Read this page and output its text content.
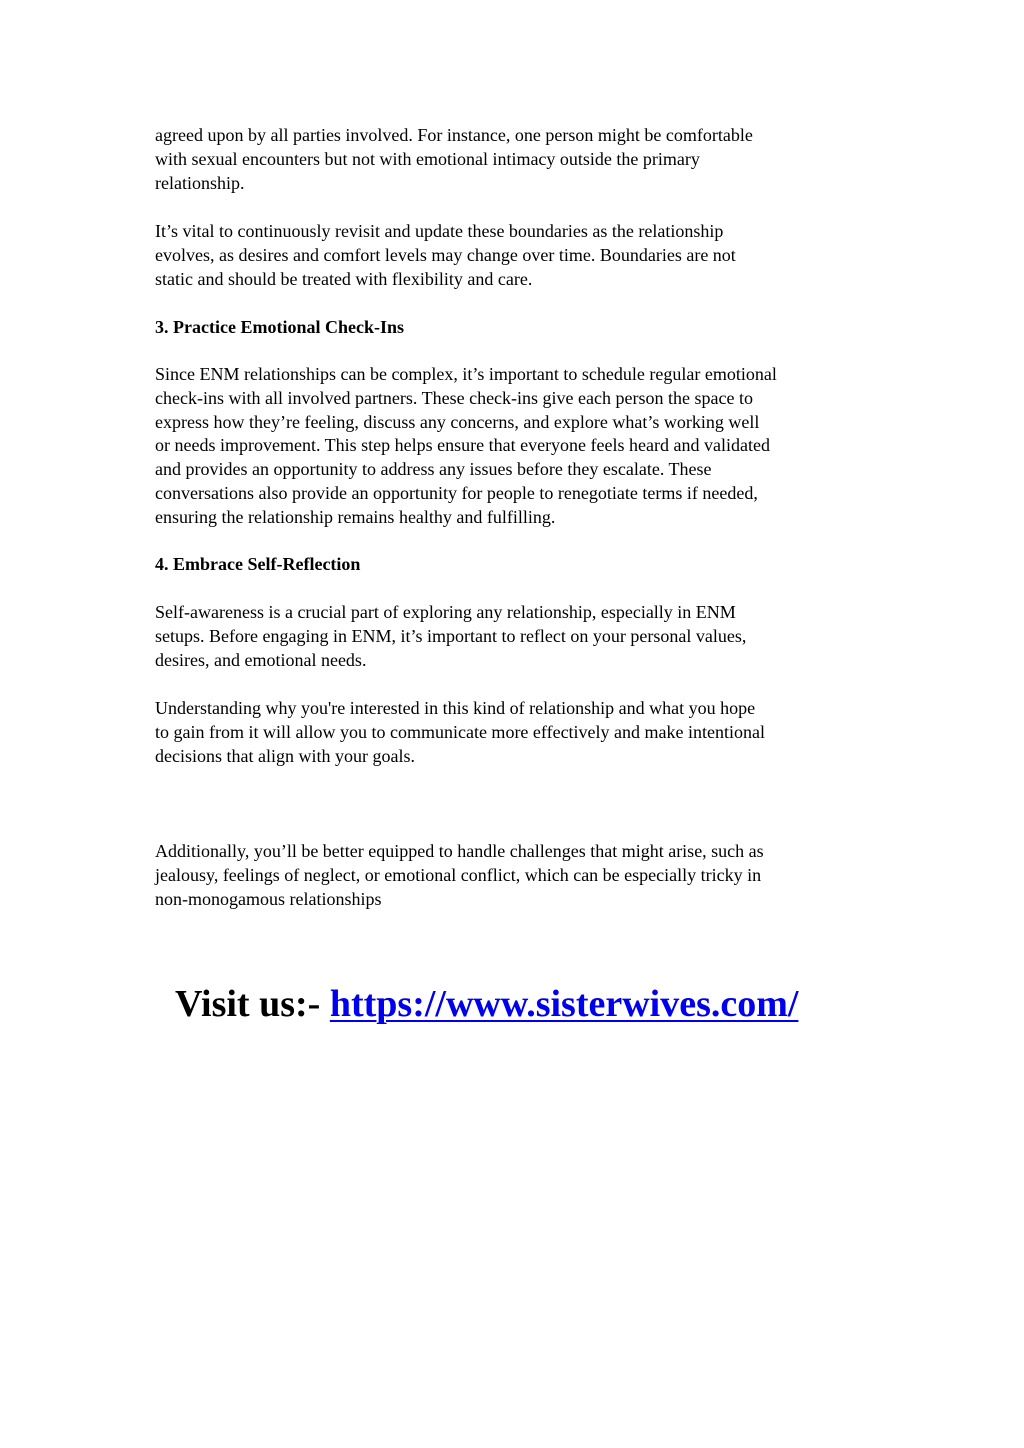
agreed upon by all parties involved. For instance, one person might be comfortable
with sexual encounters but not with emotional intimacy outside the primary
relationship.
It’s vital to continuously revisit and update these boundaries as the relationship
evolves, as desires and comfort levels may change over time. Boundaries are not
static and should be treated with flexibility and care.
3. Practice Emotional Check-Ins
Since ENM relationships can be complex, it’s important to schedule regular emotional
check-ins with all involved partners. These check-ins give each person the space to
express how they’re feeling, discuss any concerns, and explore what’s working well
or needs improvement. This step helps ensure that everyone feels heard and validated
and provides an opportunity to address any issues before they escalate. These
conversations also provide an opportunity for people to renegotiate terms if needed,
ensuring the relationship remains healthy and fulfilling.
4. Embrace Self-Reflection
Self-awareness is a crucial part of exploring any relationship, especially in ENM
setups. Before engaging in ENM, it’s important to reflect on your personal values,
desires, and emotional needs.
Understanding why you're interested in this kind of relationship and what you hope
to gain from it will allow you to communicate more effectively and make intentional
decisions that align with your goals.
Additionally, you’ll be better equipped to handle challenges that might arise, such as
jealousy, feelings of neglect, or emotional conflict, which can be especially tricky in
non-monogamous relationships
Visit us:- https://www.sisterwives.com/
